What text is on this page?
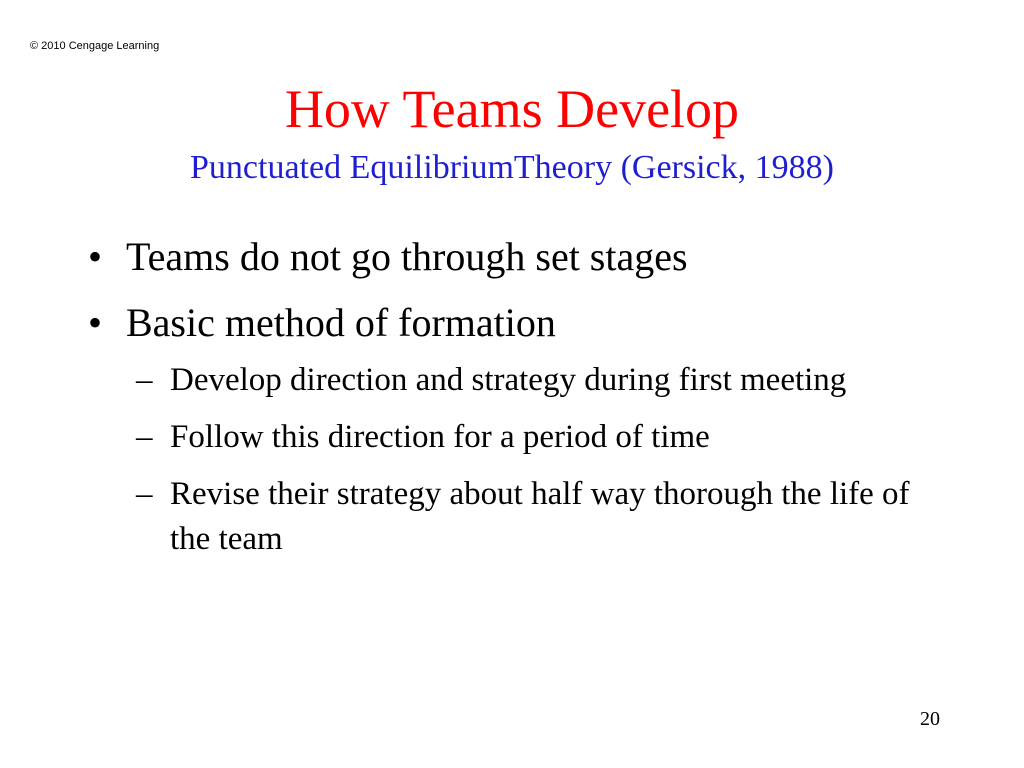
© 2010 Cengage Learning
How Teams Develop
Punctuated EquilibriumTheory (Gersick, 1988)
• Teams do not go through set stages
• Basic method of formation
– Develop direction and strategy during first meeting
– Follow this direction for a period of time
– Revise their strategy about half way thorough the life of the team
20
